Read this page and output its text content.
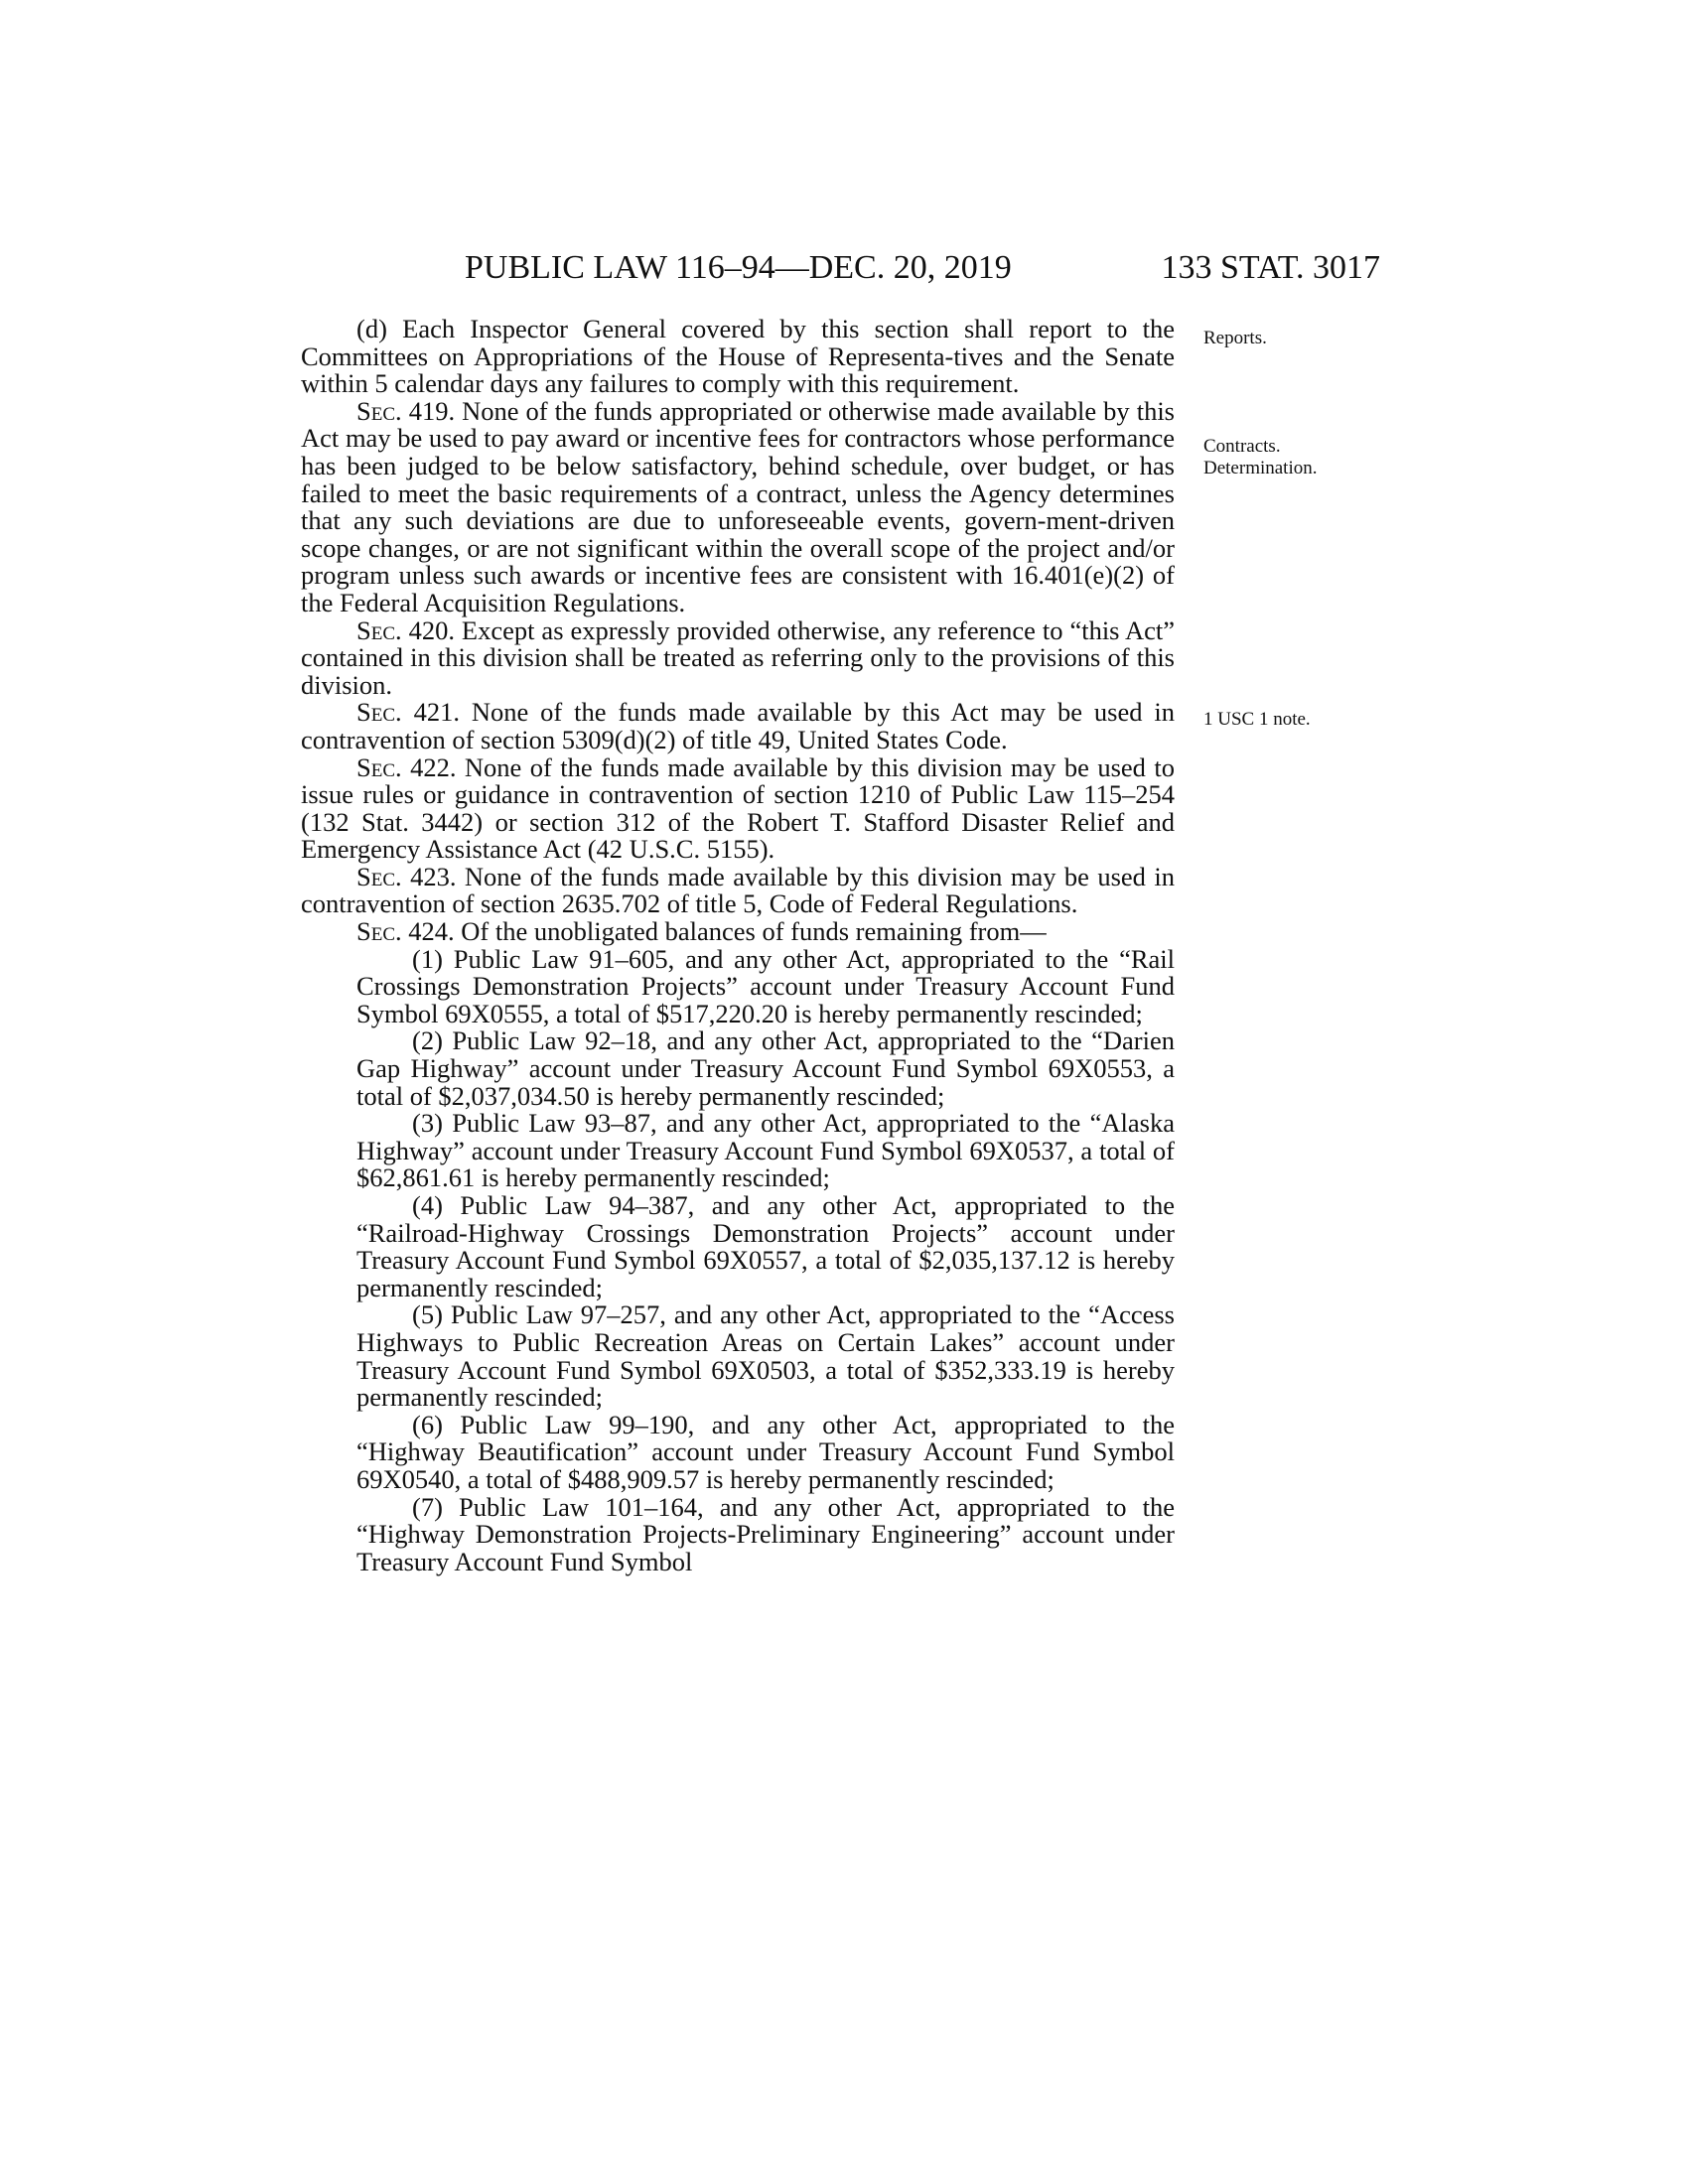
PUBLIC LAW 116–94—DEC. 20, 2019	133 STAT. 3017
Reports.
Contracts.
Determination.
1 USC 1 note.

(d) Each Inspector General covered by this section shall report to the Committees on Appropriations of the House of Representa-tives and the Senate within 5 calendar days any failures to comply with this requirement.

Sec. 419. None of the funds appropriated or otherwise made available by this Act may be used to pay award or incentive fees for contractors whose performance has been judged to be below satisfactory, behind schedule, over budget, or has failed to meet the basic requirements of a contract, unless the Agency determines that any such deviations are due to unforeseeable events, govern-ment-driven scope changes, or are not significant within the overall scope of the project and/or program unless such awards or incentive fees are consistent with 16.401(e)(2) of the Federal Acquisition Regulations.

Sec. 420. Except as expressly provided otherwise, any reference to “this Act” contained in this division shall be treated as referring only to the provisions of this division.

Sec. 421. None of the funds made available by this Act may be used in contravention of section 5309(d)(2) of title 49, United States Code.

Sec. 422. None of the funds made available by this division may be used to issue rules or guidance in contravention of section 1210 of Public Law 115–254 (132 Stat. 3442) or section 312 of the Robert T. Stafford Disaster Relief and Emergency Assistance Act (42 U.S.C. 5155).

Sec. 423. None of the funds made available by this division may be used in contravention of section 2635.702 of title 5, Code of Federal Regulations.

Sec. 424. Of the unobligated balances of funds remaining from—

(1) Public Law 91–605, and any other Act, appropriated to the “Rail Crossings Demonstration Projects” account under Treasury Account Fund Symbol 69X0555, a total of $517,220.20 is hereby permanently rescinded;

(2) Public Law 92–18, and any other Act, appropriated to the “Darien Gap Highway” account under Treasury Account Fund Symbol 69X0553, a total of $2,037,034.50 is hereby permanently rescinded;

(3) Public Law 93–87, and any other Act, appropriated to the “Alaska Highway” account under Treasury Account Fund Symbol 69X0537, a total of $62,861.61 is hereby permanently rescinded;

(4) Public Law 94–387, and any other Act, appropriated to the “Railroad-Highway Crossings Demonstration Projects” account under Treasury Account Fund Symbol 69X0557, a total of $2,035,137.12 is hereby permanently rescinded;

(5) Public Law 97–257, and any other Act, appropriated to the “Access Highways to Public Recreation Areas on Certain Lakes” account under Treasury Account Fund Symbol 69X0503, a total of $352,333.19 is hereby permanently rescinded;

(6) Public Law 99–190, and any other Act, appropriated to the “Highway Beautification” account under Treasury Account Fund Symbol 69X0540, a total of $488,909.57 is hereby permanently rescinded;

(7) Public Law 101–164, and any other Act, appropriated to the “Highway Demonstration Projects-Preliminary Engineering” account under Treasury Account Fund Symbol
